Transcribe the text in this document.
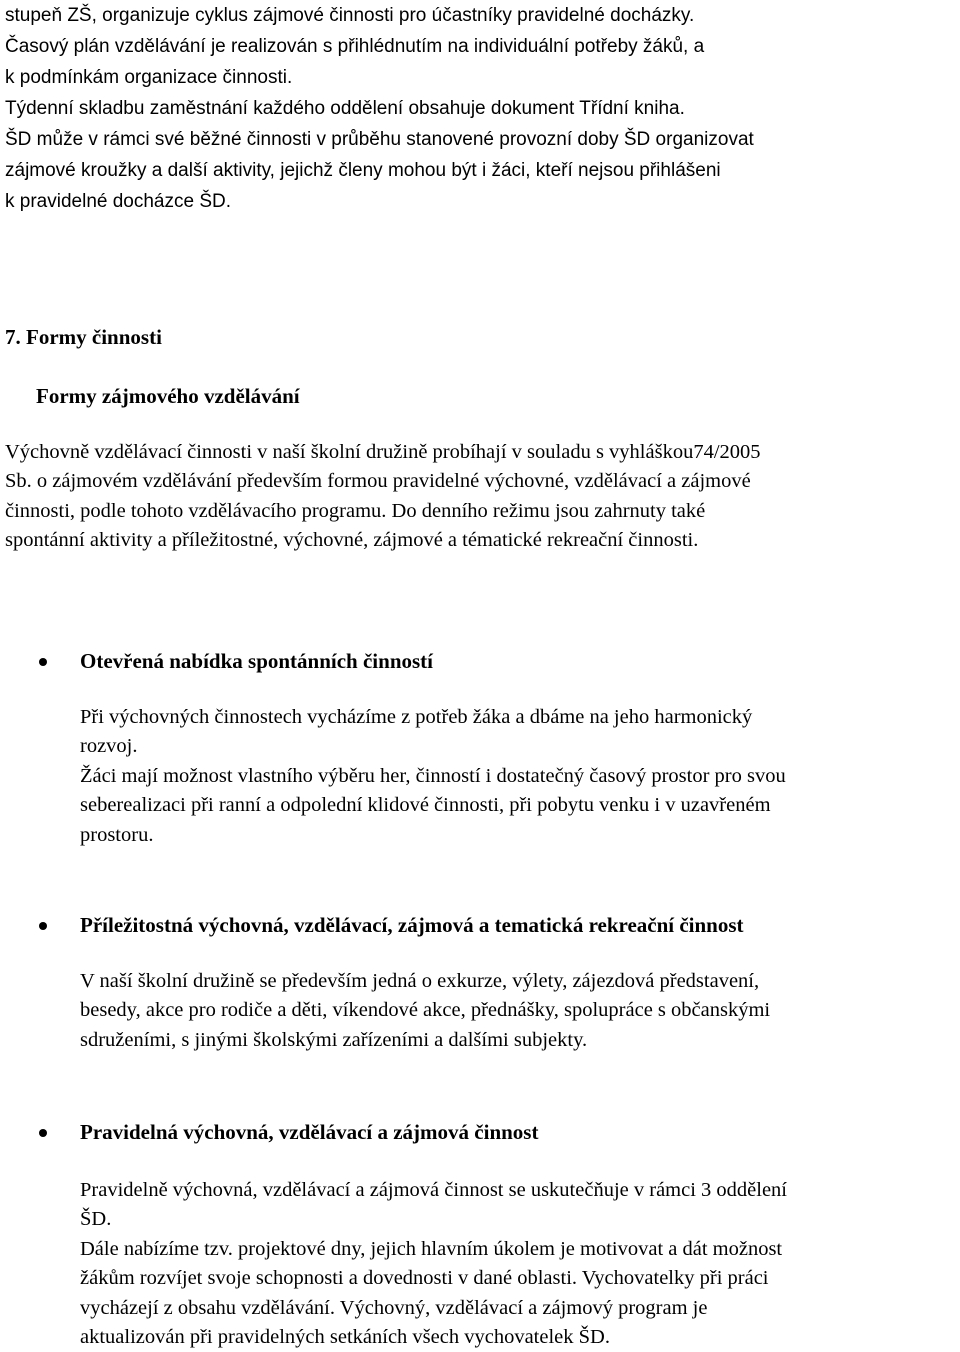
stupeň ZŠ, organizuje cyklus zájmové činnosti pro účastníky pravidelné docházky.
Časový plán vzdělávání je realizován s přihlédnutím na individuální potřeby žáků, a
k podmínkám organizace činnosti.
Týdenní skladbu zaměstnání každého oddělení obsahuje dokument Třídní kniha.
ŠD může v rámci své běžné činnosti v průběhu stanovené provozní doby ŠD organizovat
zájmové kroužky a další aktivity, jejichž členy mohou být i žáci, kteří nejsou přihlášeni
k pravidelné docházce ŠD.
7. Formy činnosti
Formy zájmového vzdělávání
Výchovně vzdělávací činnosti v naší školní družině probíhají v souladu s vyhláškou74/2005
Sb. o zájmovém vzdělávání především formou pravidelné výchovné, vzdělávací a zájmové
činnosti, podle tohoto vzdělávacího programu. Do denního režimu jsou zahrnuty také
spontánní aktivity a příležitostné, výchovné, zájmové a tématické rekreační činnosti.
Otevřená nabídka spontánních činností
Při výchovných činnostech vycházíme z potřeb žáka a dbáme na jeho harmonický
rozvoj.
Žáci mají možnost vlastního výběru her, činností i dostatečný časový prostor pro svou
seberealizaci při ranní a odpolední klidové činnosti, při pobytu venku i v uzavřeném
prostoru.
Příležitostná výchovná, vzdělávací, zájmová a tematická rekreační činnost
V naší školní družině se především jedná o exkurze, výlety, zájezdová představení,
besedy, akce pro rodiče a děti, víkendové akce, přednášky, spolupráce s občanskými
sdruženími, s jinými školskými zařízeními a dalšími subjekty.
Pravidelná výchovná, vzdělávací a zájmová činnost
Pravidelně výchovná, vzdělávací a zájmová činnost se uskutečňuje v rámci 3 oddělení
ŠD.
Dále nabízíme tzv. projektové dny, jejich hlavním úkolem je motivovat a dát možnost
žákům rozvíjet svoje schopnosti a dovednosti v dané oblasti. Vychovatelky při práci
vycházejí z obsahu vzdělávání. Výchovný, vzdělávací a zájmový program je
aktualizován při pravidelných setkáních všech vychovatelek ŠD.
